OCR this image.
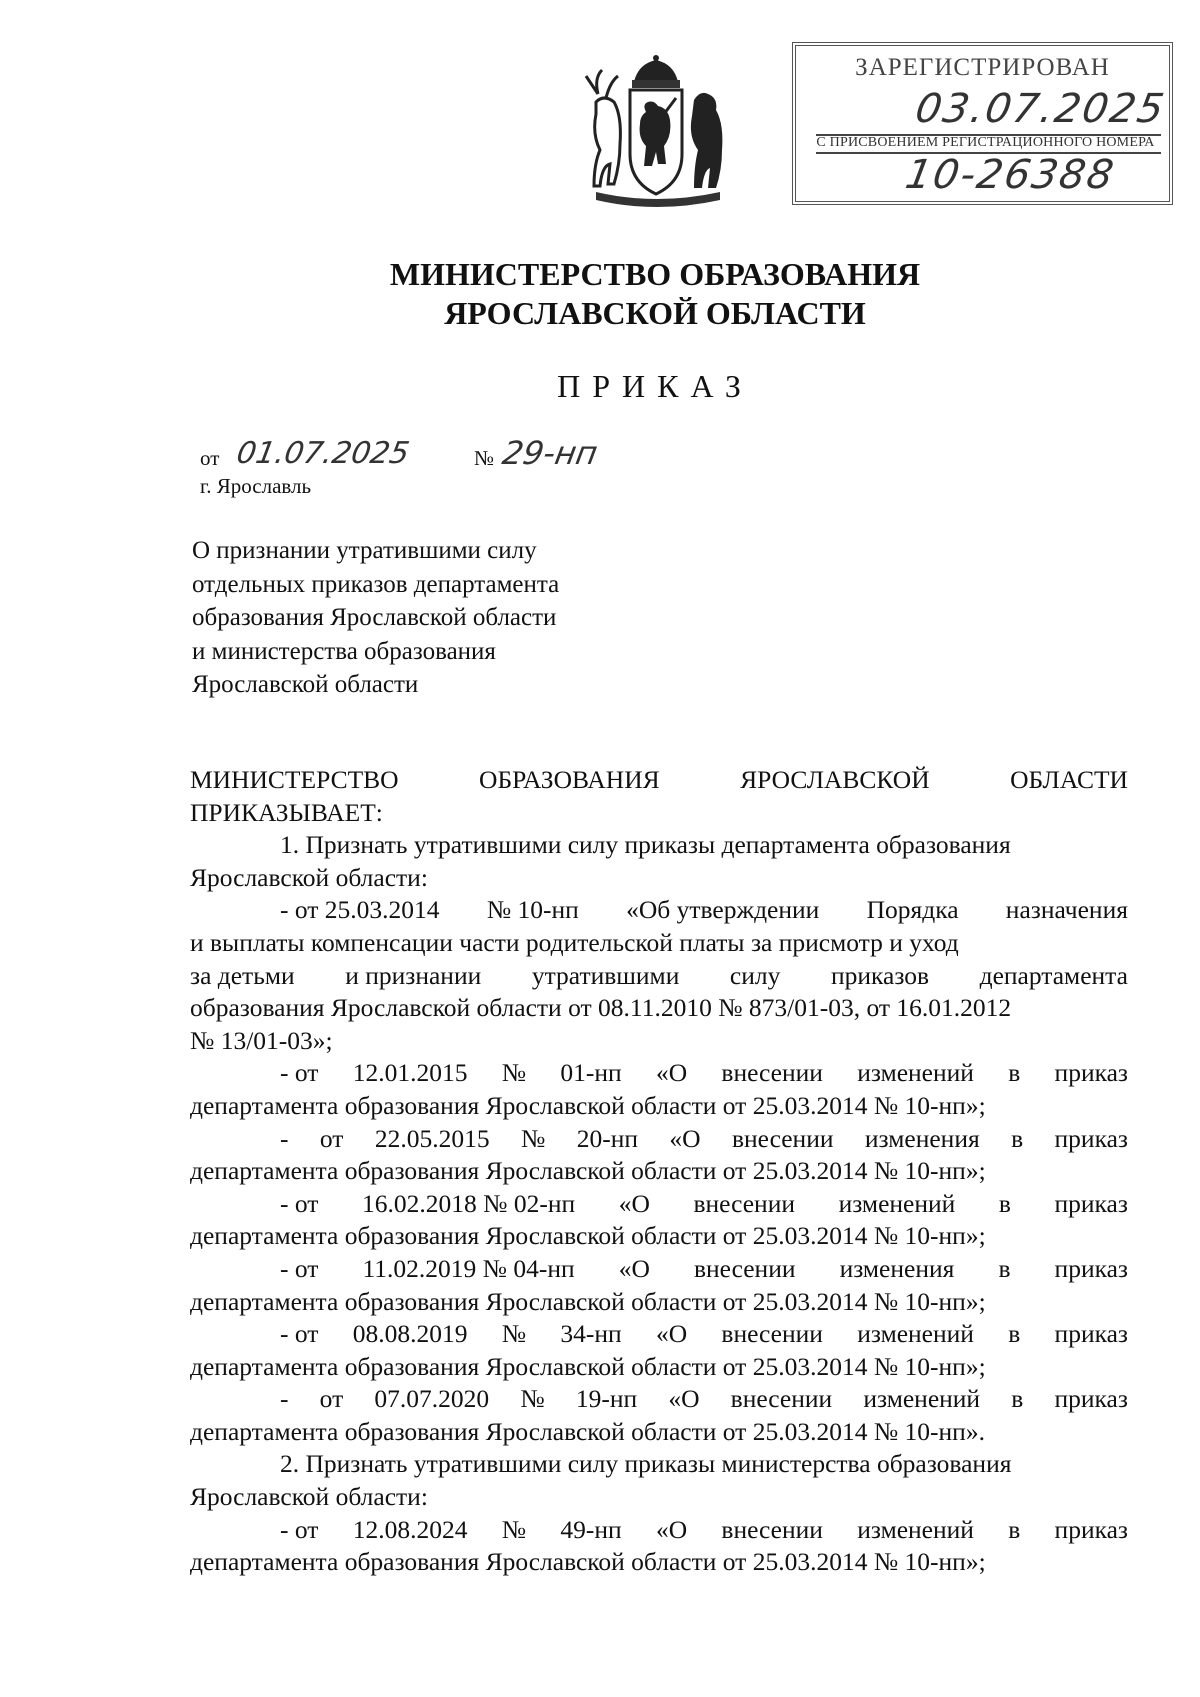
ЗАРЕГИСТРИРОВАН
03.07.2025
С ПРИСВОЕНИЕМ РЕГИСТРАЦИОННОГО НОМЕРА
10-26388
МИНИСТЕРСТВО ОБРАЗОВАНИЯ
ЯРОСЛАВСКОЙ ОБЛАСТИ
ПРИКАЗ
от 01.07.2025	№ 29-нп
г. Ярославль
О признании утратившими силу
отдельных приказов департамента
образования Ярославской области
и министерства образования
Ярославской области
МИНИСТЕРСТВО	ОБРАЗОВАНИЯ	ЯРОСЛАВСКОЙ	ОБЛАСТИ
ПРИКАЗЫВАЕТ:
1. Признать утратившими силу приказы департамента образования
Ярославской области:
- от 25.03.2014 № 10-нп «Об утверждении Порядка назначения
и выплаты компенсации части родительской платы за присмотр и уход
за детьми и признании утратившими силу приказов департамента
образования Ярославской области от 08.11.2010 № 873/01-03, от 16.01.2012
№ 13/01-03»;
- от 12.01.2015 № 01-нп «О внесении изменений в приказ
департамента образования Ярославской области от 25.03.2014 № 10-нп»;
- от 22.05.2015 № 20-нп «О внесении изменения в приказ
департамента образования Ярославской области от 25.03.2014 № 10-нп»;
- от 16.02.2018 № 02-нп «О внесении изменений в приказ
департамента образования Ярославской области от 25.03.2014 № 10-нп»;
- от 11.02.2019 № 04-нп «О внесении изменения в приказ
департамента образования Ярославской области от 25.03.2014 № 10-нп»;
- от 08.08.2019 № 34-нп «О внесении изменений в приказ
департамента образования Ярославской области от 25.03.2014 № 10-нп»;
- от 07.07.2020 № 19-нп «О внесении изменений в приказ
департамента образования Ярославской области от 25.03.2014 № 10-нп».
2. Признать утратившими силу приказы министерства образования
Ярославской области:
- от 12.08.2024 № 49-нп «О внесении изменений в приказ
департамента образования Ярославской области от 25.03.2014 № 10-нп»;
